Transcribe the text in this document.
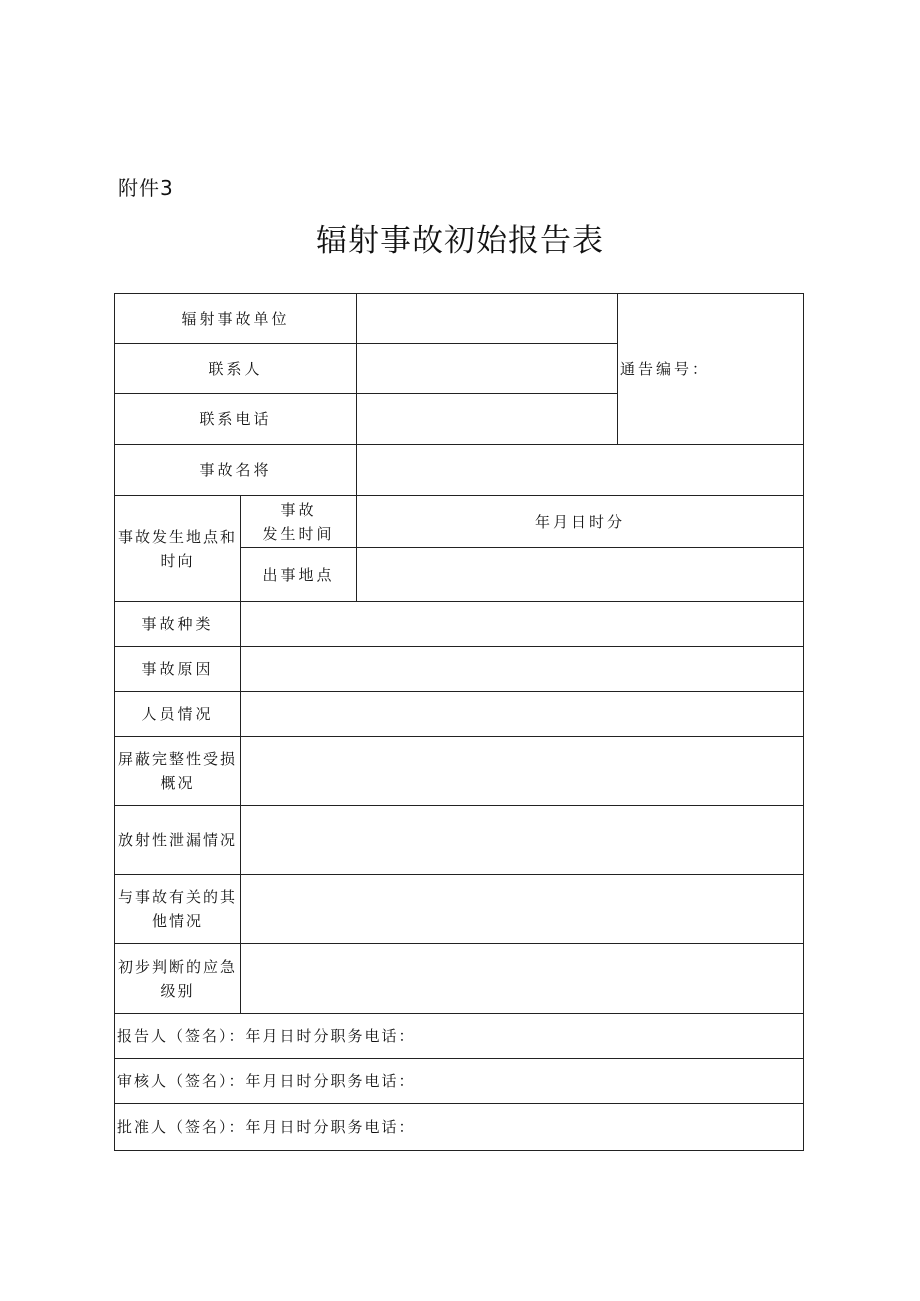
附件3
辐射事故初始报告表
辐射事故单位
通告编号：
联系人
联系电话
事故名将
事故发生地点和时向
事故
发生时间
年月日时分
出事地点
事故种类
事故原因
人员情况
屏蔽完整性受损
概况
放射性泄漏情况
与事故有关的其
他情况
初步判断的应急
级别
报告人（签名）：年月日时分职务电话：
审核人（签名）：年月日时分职务电话：
批准人（签名）：年月日时分职务电话：
